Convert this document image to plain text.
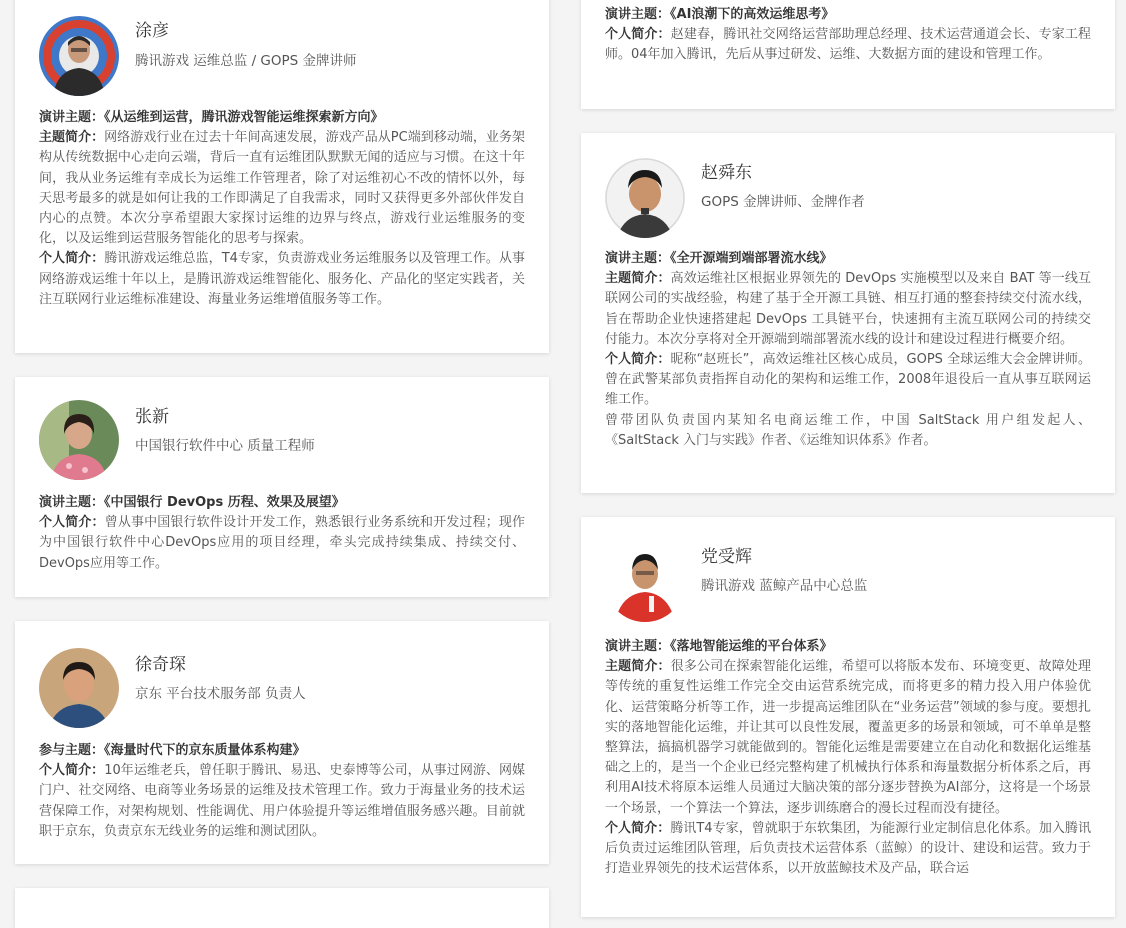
涂彦
腾讯游戏 运维总监 / GOPS 金牌讲师

演讲主题：《从运维到运营，腾讯游戏智能运维探索新方向》

主题简介：网络游戏行业在过去十年间高速发展，游戏产品从PC端到移动端，业务架构从传统数据中心走向云端，背后一直有运维团队默默无闻的适应与习惯。在这十年间，我从业务运维有幸成长为运维工作管理者，除了对运维初心不改的情怀以外，每天思考最多的就是如何让我的工作即满足了自我需求，同时又获得更多外部伙伴发自内心的点赞。本次分享希望跟大家探讨运维的边界与终点，游戏行业运维服务的变化，以及运维到运营服务智能化的思考与探索。

个人简介：腾讯游戏运维总监，T4专家，负责游戏业务运维服务以及管理工作。从事网络游戏运维十年以上，是腾讯游戏运维智能化、服务化、产品化的坚定实践者，关注互联网行业运维标准建设、海量业务运维增值服务等工作。

张新
中国银行软件中心 质量工程师

演讲主题：《中国银行 DevOps 历程、效果及展望》

个人简介：曾从事中国银行软件设计开发工作，熟悉银行业务系统和开发过程；现作为中国银行软件中心DevOps应用的项目经理，牵头完成持续集成、持续交付、DevOps应用等工作。

徐奇琛
京东 平台技术服务部 负责人

参与主题：《海量时代下的京东质量体系构建》

个人简介：10年运维老兵，曾任职于腾讯、易迅、史泰博等公司，从事过网游、网媒门户、社交网络、电商等业务场景的运维及技术管理工作。致力于海量业务的技术运营保障工作，对架构规划、性能调优、用户体验提升等运维增值服务感兴趣。目前就职于京东，负责京东无线业务的运维和测试团队。

演讲主题：《AI浪潮下的高效运维思考》

个人简介：赵建春，腾讯社交网络运营部助理总经理、技术运营通道会长、专家工程师。04年加入腾讯，先后从事过研发、运维、大数据方面的建设和管理工作。

赵舜东
GOPS 金牌讲师、金牌作者

演讲主题：《全开源端到端部署流水线》

主题简介：高效运维社区根据业界领先的 DevOps 实施模型以及来自 BAT 等一线互联网公司的实战经验，构建了基于全开源工具链、相互打通的整套持续交付流水线，旨在帮助企业快速搭建起 DevOps 工具链平台，快速拥有主流互联网公司的持续交付能力。本次分享将对全开源端到端部署流水线的设计和建设过程进行概要介绍。

个人简介：昵称“赵班长”，高效运维社区核心成员，GOPS 全球运维大会金牌讲师。曾在武警某部负责指挥自动化的架构和运维工作，2008年退役后一直从事互联网运维工作。

曾带团队负责国内某知名电商运维工作，中国 SaltStack 用户组发起人、《SaltStack 入门与实践》作者、《运维知识体系》作者。

党受辉
腾讯游戏 蓝鲸产品中心总监

演讲主题：《落地智能运维的平台体系》

主题简介：很多公司在探索智能化运维，希望可以将版本发布、环境变更、故障处理等传统的重复性运维工作完全交由运营系统完成，而将更多的精力投入用户体验优化、运营策略分析等工作，进一步提高运维团队在“业务运营”领域的参与度。要想扎实的落地智能化运维，并让其可以良性发展，覆盖更多的场景和领域，可不单单是整整算法，搞搞机器学习就能做到的。智能化运维是需要建立在自动化和数据化运维基础之上的，是当一个企业已经完整构建了机械执行体系和海量数据分析体系之后，再利用AI技术将原本运维人员通过大脑决策的部分逐步替换为AI部分，这将是一个场景一个场景，一个算法一个算法，逐步训练磨合的漫长过程而没有捷径。

个人简介：腾讯T4专家，曾就职于东软集团，为能源行业定制信息化体系。加入腾讯后负责过运维团队管理，后负责技术运营体系（蓝鲸）的设计、建设和运营。致力于打造业界领先的技术运营体系，以开放蓝鲸技术及产品，联合运
